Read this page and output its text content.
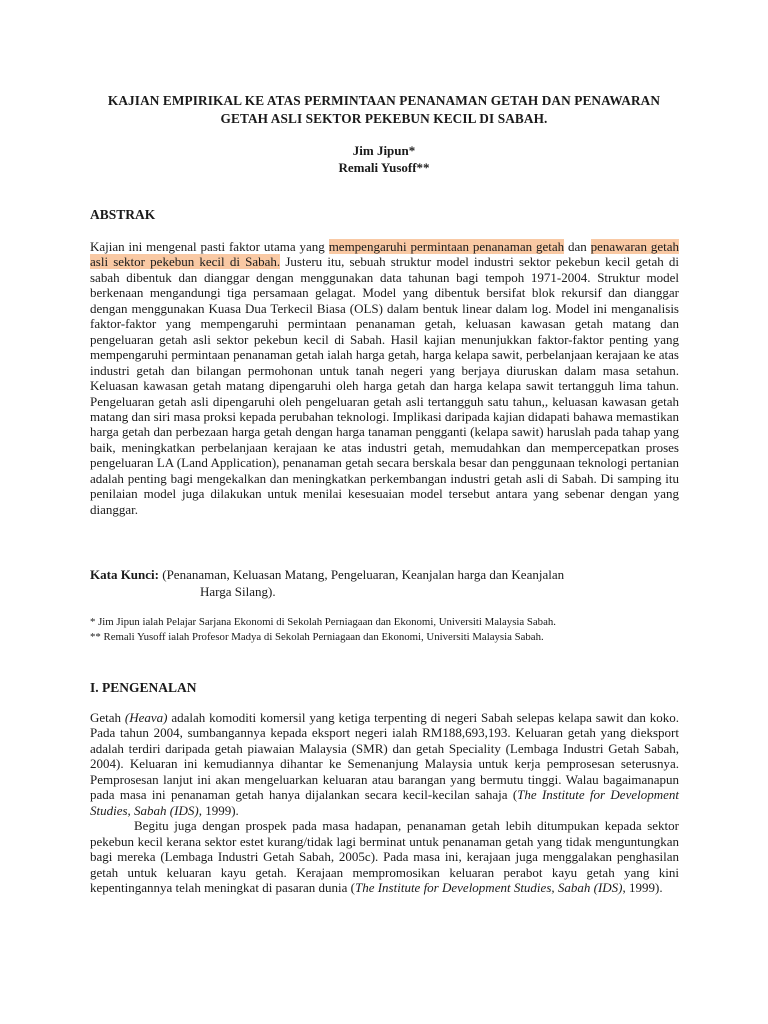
KAJIAN EMPIRIKAL KE ATAS PERMINTAAN PENANAMAN GETAH DAN PENAWARAN
GETAH ASLI SEKTOR PEKEBUN KECIL DI SABAH.
Jim Jipun*
Remali Yusoff**
ABSTRAK
Kajian ini mengenal pasti faktor utama yang mempengaruhi permintaan penanaman getah dan penawaran getah asli sektor pekebun kecil di Sabah. Justeru itu, sebuah struktur model industri sektor pekebun kecil getah di sabah dibentuk dan dianggar dengan menggunakan data tahunan bagi tempoh 1971-2004. Struktur model berkenaan mengandungi tiga persamaan gelagat. Model yang dibentuk bersifat blok rekursif dan dianggar dengan menggunakan Kuasa Dua Terkecil Biasa (OLS) dalam bentuk linear dalam log. Model ini menganalisis faktor-faktor yang mempengaruhi permintaan penanaman getah, keluasan kawasan getah matang dan pengeluaran getah asli sektor pekebun kecil di Sabah. Hasil kajian menunjukkan faktor-faktor penting yang mempengaruhi permintaan penanaman getah ialah harga getah, harga kelapa sawit, perbelanjaan kerajaan ke atas industri getah dan bilangan permohonan untuk tanah negeri yang berjaya diuruskan dalam masa setahun. Keluasan kawasan getah matang dipengaruhi oleh harga getah dan harga kelapa sawit tertangguh lima tahun. Pengeluaran getah asli dipengaruhi oleh pengeluaran getah asli tertangguh satu tahun,, keluasan kawasan getah matang dan siri masa proksi kepada perubahan teknologi. Implikasi daripada kajian didapati bahawa memastikan harga getah dan perbezaan harga getah dengan harga tanaman pengganti (kelapa sawit) haruslah pada tahap yang baik, meningkatkan perbelanjaan kerajaan ke atas industri getah, memudahkan dan mempercepatkan proses pengeluaran LA (Land Application), penanaman getah secara berskala besar dan penggunaan teknologi pertanian adalah penting bagi mengekalkan dan meningkatkan perkembangan industri getah asli di Sabah. Di samping itu penilaian model juga dilakukan untuk menilai kesesuaian model tersebut antara yang sebenar dengan yang dianggar.
Kata Kunci: (Penanaman, Keluasan Matang, Pengeluaran, Keanjalan harga dan Keanjalan
Harga Silang).
* Jim Jipun ialah Pelajar Sarjana Ekonomi di Sekolah Perniagaan dan Ekonomi, Universiti Malaysia Sabah.
** Remali Yusoff ialah Profesor Madya di Sekolah Perniagaan dan Ekonomi, Universiti Malaysia Sabah.
I. PENGENALAN

Getah (Heava) adalah komoditi komersil yang ketiga terpenting di negeri Sabah selepas kelapa sawit dan koko. Pada tahun 2004, sumbangannya kepada eksport negeri ialah RM188,693,193. Keluaran getah yang dieksport adalah terdiri daripada getah piawaian Malaysia (SMR) dan getah Speciality (Lembaga Industri Getah Sabah, 2004). Keluaran ini kemudiannya dihantar ke Semenanjung Malaysia untuk kerja pemprosesan seterusnya. Pemprosesan lanjut ini akan mengeluarkan keluaran atau barangan yang bermutu tinggi. Walau bagaimanapun pada masa ini penanaman getah hanya dijalankan secara kecil-kecilan sahaja (The Institute for Development Studies, Sabah (IDS), 1999).

Begitu juga dengan prospek pada masa hadapan, penanaman getah lebih ditumpukan kepada sektor pekebun kecil kerana sektor estet kurang/tidak lagi berminat untuk penanaman getah yang tidak menguntungkan bagi mereka (Lembaga Industri Getah Sabah, 2005c). Pada masa ini, kerajaan juga menggalakan penghasilan getah untuk keluaran kayu getah. Kerajaan mempromosikan keluaran perabot kayu getah yang kini kepentingannya telah meningkat di pasaran dunia (The Institute for Development Studies, Sabah (IDS), 1999).
